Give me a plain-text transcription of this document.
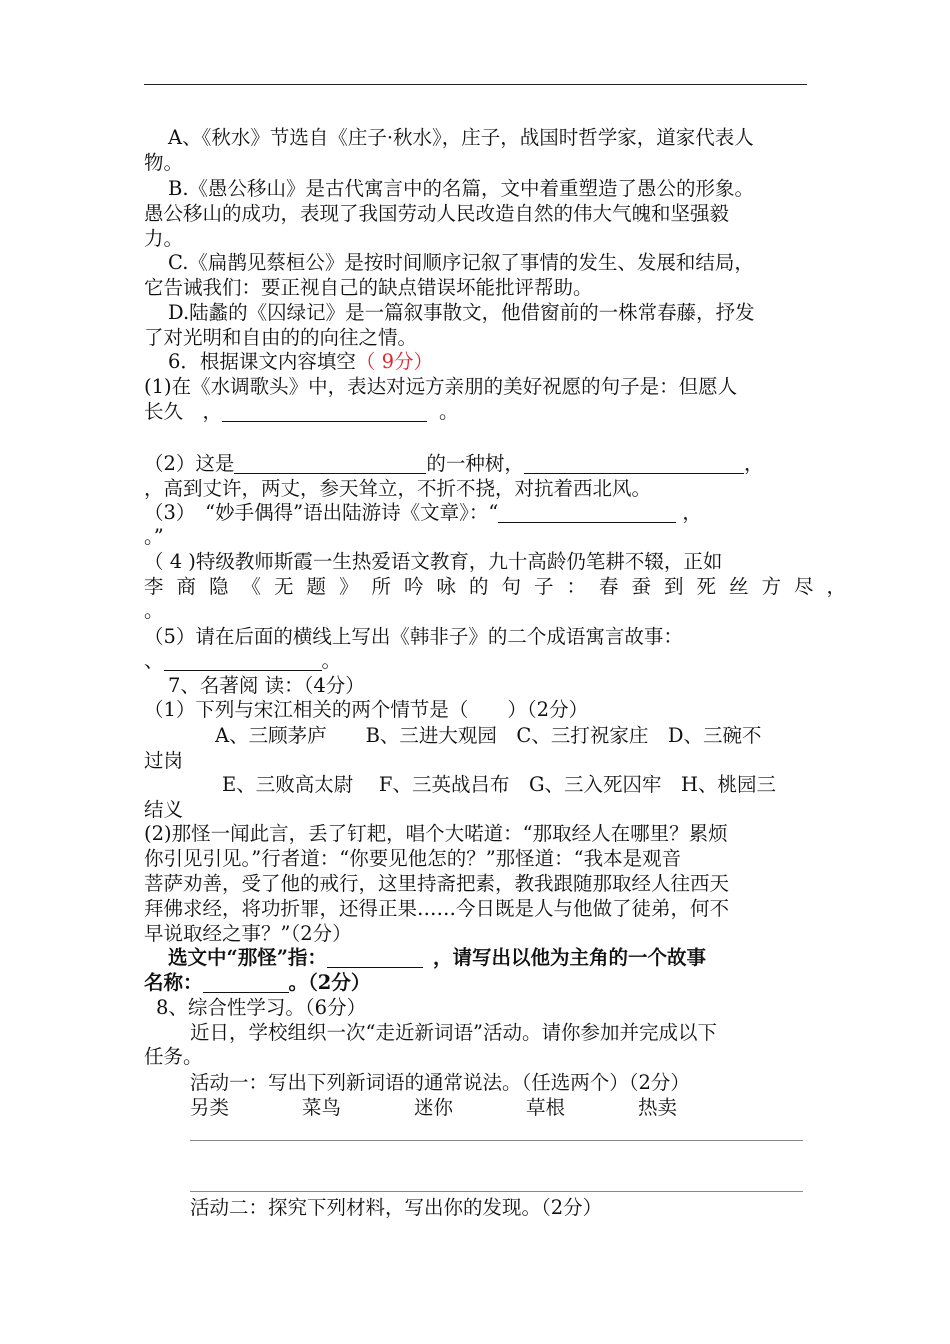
A、《秋水》节选自《庄子·秋水》，庄子，战国时哲学家，道家代表人
物。
B.《愚公移山》是古代寓言中的名篇，文中着重塑造了愚公的形象。
愚公移山的成功，表现了我国劳动人民改造自然的伟大气魄和坚强毅
力。
C.《扁鹊见蔡桓公》是按时间顺序记叙了事情的发生、发展和结局，
它告诫我们：要正视自己的缺点错误坏能批评帮助。
D.陆蠡的《囚绿记》是一篇叙事散文，他借窗前的一株常春藤，抒发
了对光明和自由的的向往之情。
6．根据课文内容填空（ 9分）
(1)在《水调歌头》中，表达对远方亲朋的美好祝愿的句子是：但愿人
长久　，	。
（2）这是	的一种树，	，
，高到丈许，两丈，参天耸立，不折不挠，对抗着西北风。
（3）　“妙手偶得”语出陆游诗《文章》：“	，
。”
（ 4 )特级教师斯霞一生热爱语文教育，九十高龄仍笔耕不辍，正如
李商隐《无题》所吟咏的句子：春蚕到死丝方尽，
。
（5）请在后面的横线上写出《韩非子》的二个成语寓言故事：
、	。
7、名著阅 读：（4分）
（1）下列与宋江相关的两个情节是（　　）（2分）
A、三顾茅庐　　B、三进大观园　C、三打祝家庄　D、三碗不
过岗
E、三败高太尉　 F、三英战吕布　G、三入死囚牢　H、桃园三
结义
(2)那怪一闻此言，丢了钉耙，唱个大喏道：“那取经人在哪里？累烦
你引见引见。”行者道：“你要见他怎的？”那怪道：“我本是观音
菩萨劝善，受了他的戒行，这里持斋把素，教我跟随那取经人往西天
拜佛求经，将功折罪，还得正果……今日既是人与他做了徒弟，何不
早说取经之事？”（2分）
选文中“那怪”指：	，请写出以他为主角的一个故事
名称：	。（2分）
8、综合性学习。（6分）
近日，学校组织一次“走近新词语”活动。请你参加并完成以下
任务。
活动一：写出下列新词语的通常说法。（任选两个）（2分）
另类	菜鸟	迷你	草根	热卖
活动二：探究下列材料，写出你的发现。（2分）
